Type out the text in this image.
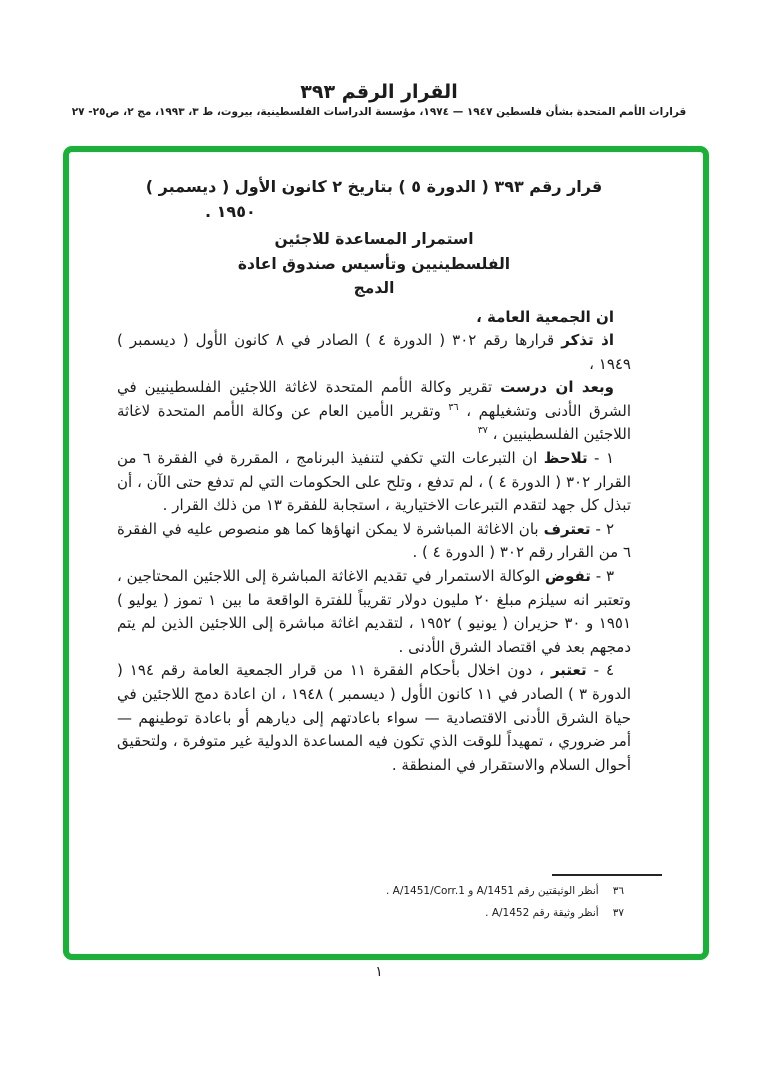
القرار الرقم ٣٩٣
قرارات الأمم المتحدة بشأن فلسطين ١٩٤٧ — ١٩٧٤، مؤسسة الدراسات الفلسطينية، بيروت، ط ٣، ١٩٩٣، مج ٢، ص٢٥- ٢٧
قرار رقم ٣٩٣ ( الدورة ٥ ) بتاريخ ٢ كانون الأول ( ديسمبر )
١٩٥٠ .
استمرار المساعدة للاجئين
الفلسطينيين وتأسيس صندوق اعادة
الدمج

ان الجمعية العامة ،

اذ تذكر قرارها رقم ٣٠٢ ( الدورة ٤ ) الصادر في ٨ كانون الأول ( ديسمبر ) ١٩٤٩ ،

وبعد ان درست تقرير وكالة الأمم المتحدة لاغاثة اللاجئين الفلسطينيين في الشرق الأدنى وتشغيلهم ، $^{٣٦}$ وتقرير الأمين العام عن وكالة الأمم المتحدة لاغاثة اللاجئين الفلسطينيين ، $^{٣٧}$

١ - تلاحظ ان التبرعات التي تكفي لتنفيذ البرنامج ، المقررة في الفقرة ٦ من القرار ٣٠٢ ( الدورة ٤ ) ، لم تدفع ، وتلح على الحكومات التي لم تدفع حتى الآن ، أن تبذل كل جهد لتقدم التبرعات الاختيارية ، استجابة للفقرة ١٣ من ذلك القرار .

٢ - تعترف بان الاغاثة المباشرة لا يمكن انهاؤها كما هو منصوص عليه في الفقرة ٦ من القرار رقم ٣٠٢ ( الدورة ٤ ) .

٣ - تفوض الوكالة الاستمرار في تقديم الاغاثة المباشرة إلى اللاجئين المحتاجين ، وتعتبر انه سيلزم مبلغ ٢٠ مليون دولار تقريباً للفترة الواقعة ما بين ١ تموز ( يوليو ) ١٩٥١ و ٣٠ حزيران ( يونيو ) ١٩٥٢ ، لتقديم اغاثة مباشرة إلى اللاجئين الذين لم يتم دمجهم بعد في اقتصاد الشرق الأدنى .

٤ - تعتبر ، دون اخلال بأحكام الفقرة ١١ من قرار الجمعية العامة رقم ١٩٤ ( الدورة ٣ ) الصادر في ١١ كانون الأول ( ديسمبر ) ١٩٤٨ ، ان اعادة دمج اللاجئين في حياة الشرق الأدنى الاقتصادية — سواء باعادتهم إلى ديارهم أو باعادة توطينهم — أمر ضروري ، تمهيداً للوقت الذي تكون فيه المساعدة الدولية غير متوفرة ، ولتحقيق أحوال السلام والاستقرار في المنطقة .

٣٦أنظر الوثيقتين رقم A/1451 و A/1451/Corr.1 .
٣٧أنظر وثيقة رقم A/1452 .
١
